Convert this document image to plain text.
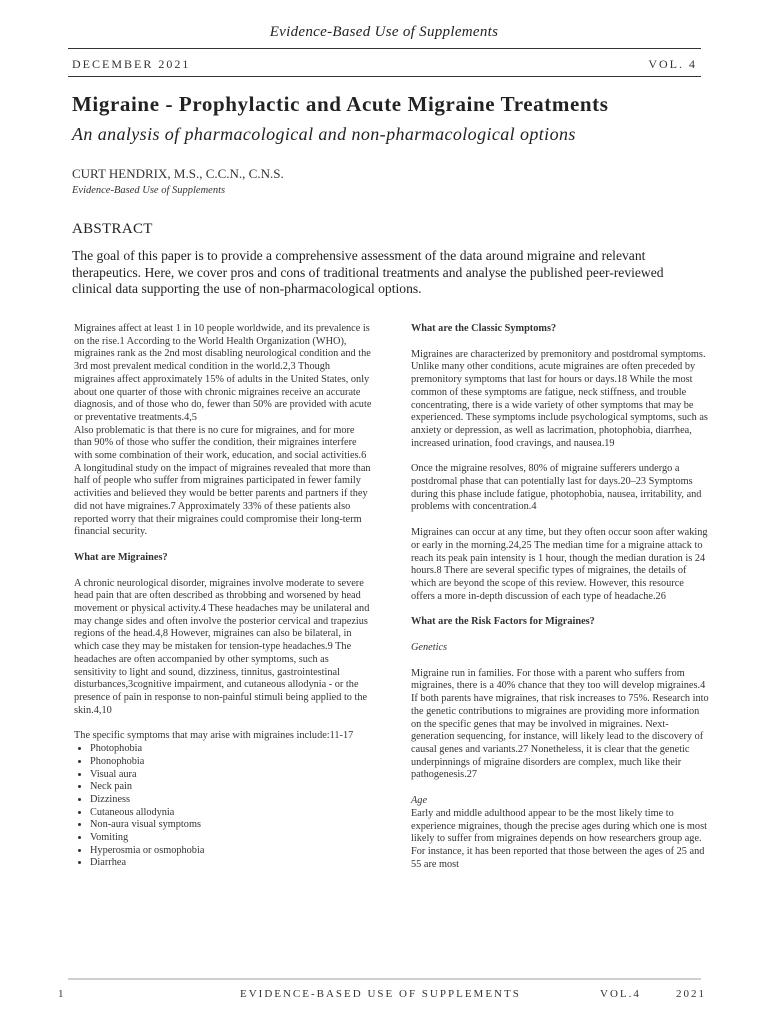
Evidence-Based Use of Supplements
DECEMBER 2021	VOL. 4
Migraine - Prophylactic and Acute Migraine Treatments
An analysis of pharmacological and non-pharmacological options
CURT HENDRIX, M.S., C.C.N., C.N.S.
Evidence-Based Use of Supplements
ABSTRACT
The goal of this paper is to provide a comprehensive assessment of the data around migraine and relevant therapeutics. Here, we cover pros and cons of traditional treatments and analyse the published peer-reviewed clinical data supporting the use of non-pharmacological options.

Migraines affect at least 1 in 10 people worldwide, and its prevalence is on the rise.1 According to the World Health Organization (WHO), migraines rank as the 2nd most disabling neurological condition and the 3rd most prevalent medical condition in the world.2,3 Though migraines affect approximately 15% of adults in the United States, only about one quarter of those with chronic migraines receive an accurate diagnosis, and of those who do, fewer than 50% are provided with acute or preventative treatments.4,5

Also problematic is that there is no cure for migraines, and for more than 90% of those who suffer the condition, their migraines interfere with some combination of their work, education, and social activities.6 A longitudinal study on the impact of migraines revealed that more than half of people who suffer from migraines participated in fewer family activities and believed they would be better parents and partners if they did not have migraines.7 Approximately 33% of these patients also reported worry that their migraines could compromise their long-term financial security.

What are Migraines?

A chronic neurological disorder, migraines involve moderate to severe head pain that are often described as throbbing and worsened by head movement or physical activity.4 These headaches may be unilateral and may change sides and often involve the posterior cervical and trapezius regions of the head.4,8 However, migraines can also be bilateral, in which case they may be mistaken for tension-type headaches.9 The headaches are often accompanied by other symptoms, such as sensitivity to light and sound, dizziness, tinnitus, gastrointestinal disturbances,3cognitive impairment, and cutaneous allodynia - or the presence of pain in response to non-painful stimuli being applied to the skin.4,10

The specific symptoms that may arise with migraines include:11-17

• Photophobia
• Phonophobia
• Visual aura
• Neck pain
• Dizziness
• Cutaneous allodynia
• Non-aura visual symptoms
• Vomiting
• Hyperosmia or osmophobia
• Diarrhea
What are the Classic Symptoms?

Migraines are characterized by premonitory and postdromal symptoms. Unlike many other conditions, acute migraines are often preceded by premonitory symptoms that last for hours or days.18 While the most common of these symptoms are fatigue, neck stiffness, and trouble concentrating, there is a wide variety of other symptoms that may be experienced. These symptoms include psychological symptoms, such as anxiety or depression, as well as lacrimation, photophobia, diarrhea, increased urination, food cravings, and nausea.19

Once the migraine resolves, 80% of migraine sufferers undergo a postdromal phase that can potentially last for days.20–23 Symptoms during this phase include fatigue, photophobia, nausea, irritability, and problems with concentration.4

Migraines can occur at any time, but they often occur soon after waking or early in the morning.24,25 The median time for a migraine attack to reach its peak pain intensity is 1 hour, though the median duration is 24 hours.8 There are several specific types of migraines, the details of which are beyond the scope of this review. However, this resource offers a more in-depth discussion of each type of headache.26

What are the Risk Factors for Migraines?
Genetics

Migraine run in families. For those with a parent who suffers from migraines, there is a 40% chance that they too will develop migraines.4 If both parents have migraines, that risk increases to 75%. Research into the genetic contributions to migraines are providing more information on the specific genes that may be involved in migraines. Next-generation sequencing, for instance, will likely lead to the discovery of causal genes and variants.27 Nonetheless, it is clear that the genetic underpinnings of migraine disorders are complex, much like their pathogenesis.27

Age

Early and middle adulthood appear to be the most likely time to experience migraines, though the precise ages during which one is most likely to suffer from migraines depends on how researchers group age. For instance, it has been reported that those between the ages of 25 and 55 are most

1	EVIDENCE-BASED USE OF SUPPLEMENTS	VOL.4	2021
